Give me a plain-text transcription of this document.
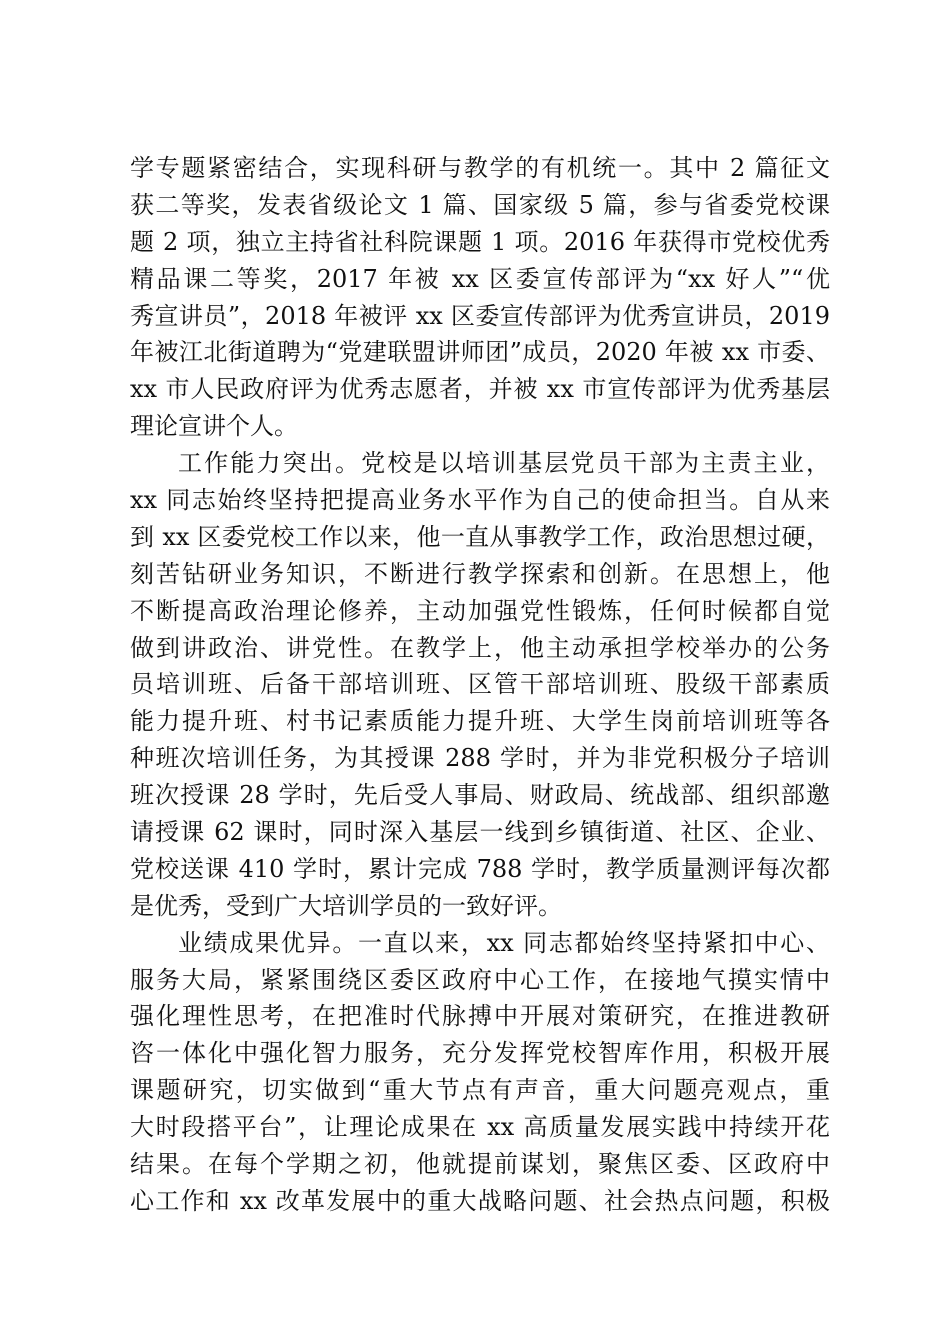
学专题紧密结合，实现科研与教学的有机统一。其中 2 篇征文
获二等奖，发表省级论文 1 篇、国家级 5 篇，参与省委党校课
题 2 项，独立主持省社科院课题 1 项。2016 年获得市党校优秀
精品课二等奖，2017 年被 xx 区委宣传部评为“xx 好人”“优
秀宣讲员”，2018 年被评 xx 区委宣传部评为优秀宣讲员，2019
年被江北街道聘为“党建联盟讲师团”成员，2020 年被 xx 市委、
xx 市人民政府评为优秀志愿者，并被 xx 市宣传部评为优秀基层
理论宣讲个人。
工作能力突出。党校是以培训基层党员干部为主责主业，
xx 同志始终坚持把提高业务水平作为自己的使命担当。自从来
到 xx 区委党校工作以来，他一直从事教学工作，政治思想过硬，
刻苦钻研业务知识，不断进行教学探索和创新。在思想上，他
不断提高政治理论修养，主动加强党性锻炼，任何时候都自觉
做到讲政治、讲党性。在教学上，他主动承担学校举办的公务
员培训班、后备干部培训班、区管干部培训班、股级干部素质
能力提升班、村书记素质能力提升班、大学生岗前培训班等各
种班次培训任务，为其授课 288 学时，并为非党积极分子培训
班次授课 28 学时，先后受人事局、财政局、统战部、组织部邀
请授课 62 课时，同时深入基层一线到乡镇街道、社区、企业、
党校送课 410 学时，累计完成 788 学时，教学质量测评每次都
是优秀，受到广大培训学员的一致好评。
业绩成果优异。一直以来，xx 同志都始终坚持紧扣中心、
服务大局，紧紧围绕区委区政府中心工作，在接地气摸实情中
强化理性思考，在把准时代脉搏中开展对策研究，在推进教研
咨一体化中强化智力服务，充分发挥党校智库作用，积极开展
课题研究，切实做到“重大节点有声音，重大问题亮观点，重
大时段搭平台”，让理论成果在 xx 高质量发展实践中持续开花
结果。在每个学期之初，他就提前谋划，聚焦区委、区政府中
心工作和 xx 改革发展中的重大战略问题、社会热点问题，积极
